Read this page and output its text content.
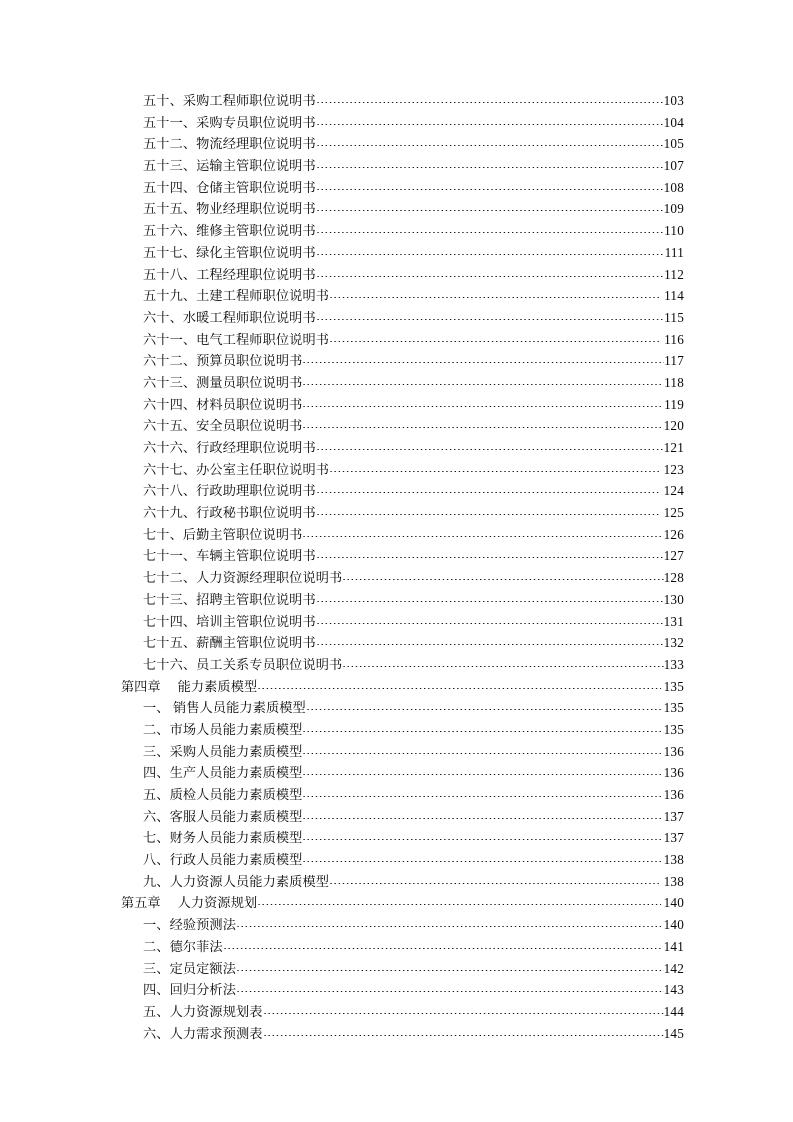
五十、采购工程师职位说明书	103
五十一、采购专员职位说明书	104
五十二、物流经理职位说明书	105
五十三、运输主管职位说明书	107
五十四、仓储主管职位说明书	108
五十五、物业经理职位说明书	109
五十六、维修主管职位说明书	110
五十七、绿化主管职位说明书	111
五十八、工程经理职位说明书	112
五十九、土建工程师职位说明书	114
六十、水暖工程师职位说明书	115
六十一、电气工程师职位说明书	116
六十二、预算员职位说明书	117
六十三、测量员职位说明书	118
六十四、材料员职位说明书	119
六十五、安全员职位说明书	120
六十六、行政经理职位说明书	121
六十七、办公室主任职位说明书	123
六十八、行政助理职位说明书	124
六十九、行政秘书职位说明书	125
七十、后勤主管职位说明书	126
七十一、车辆主管职位说明书	127
七十二、人力资源经理职位说明书	128
七十三、招聘主管职位说明书	130
七十四、培训主管职位说明书	131
七十五、薪酬主管职位说明书	132
七十六、员工关系专员职位说明书	133
第四章 能力素质模型	135
一、 销售人员能力素质模型	135
二、市场人员能力素质模型	135
三、采购人员能力素质模型	136
四、生产人员能力素质模型	136
五、质检人员能力素质模型	136
六、客服人员能力素质模型	137
七、财务人员能力素质模型	137
八、行政人员能力素质模型	138
九、人力资源人员能力素质模型	138
第五章 人力资源规划	140
一、经验预测法	140
二、德尔菲法	141
三、定员定额法	142
四、回归分析法	143
五、人力资源规划表	144
六、人力需求预测表	145
